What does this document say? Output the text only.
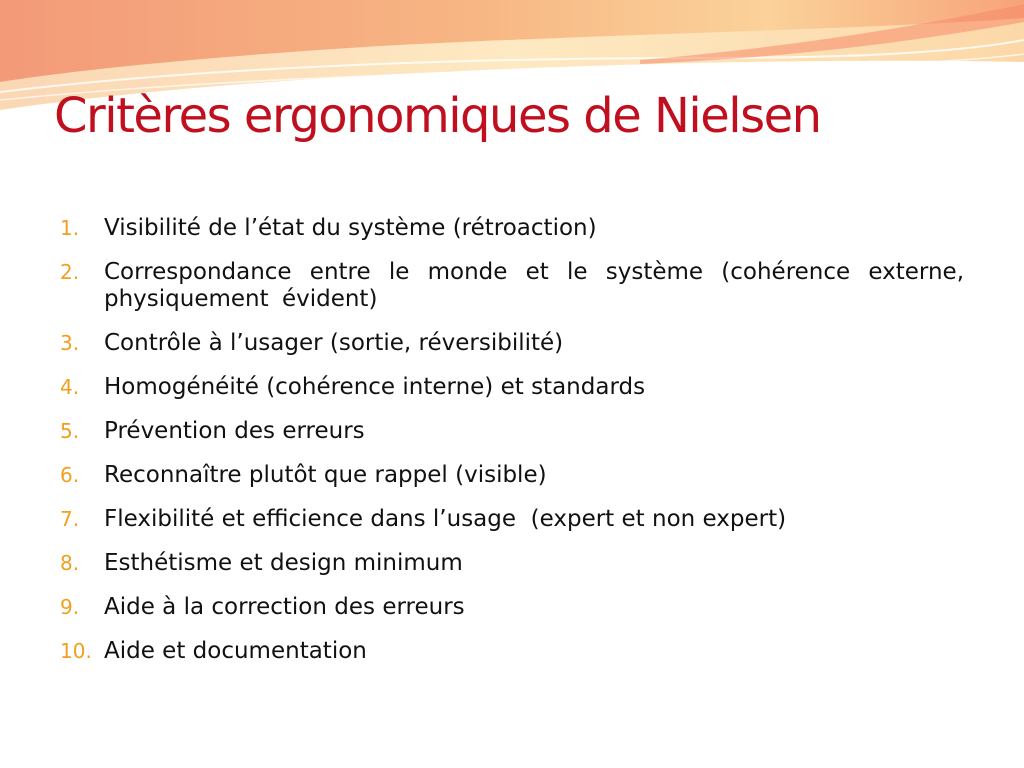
Critères ergonomiques de Nielsen
1.	Visibilité de l’état du système (rétroaction)
2.	Correspondance entre le monde et le système (cohérence externe, physiquement évident)
3.	Contrôle à l’usager (sortie, réversibilité)
4.	Homogénéité (cohérence interne) et standards
5.	Prévention des erreurs
6.	Reconnaître plutôt que rappel (visible)
7.	Flexibilité et efficience dans l’usage  (expert et non expert)
8.	Esthétisme et design minimum
9.	Aide à la correction des erreurs
10. Aide et documentation
